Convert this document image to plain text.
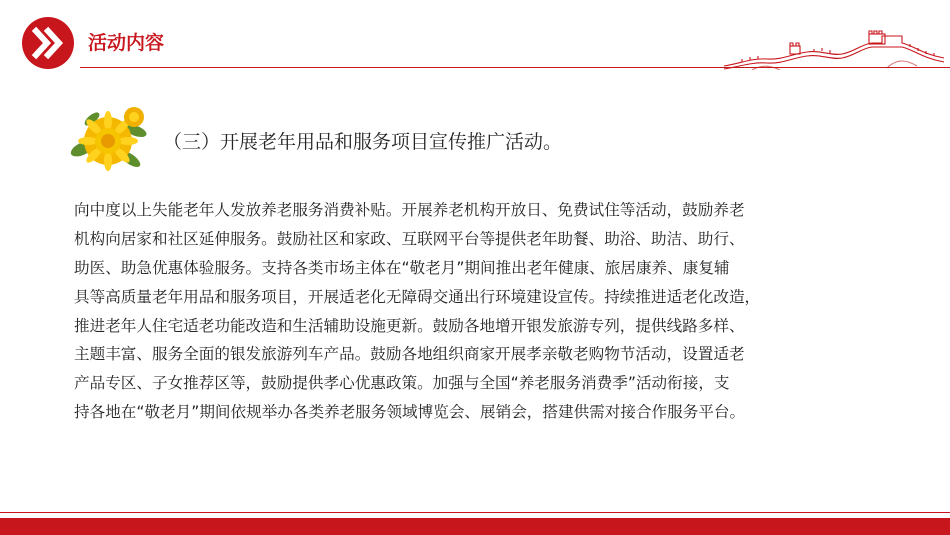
活动内容
（三）开展老年用品和服务项目宣传推广活动。
向中度以上失能老年人发放养老服务消费补贴。开展养老机构开放日、免费试住等活动，鼓励养老
机构向居家和社区延伸服务。鼓励社区和家政、互联网平台等提供老年助餐、助浴、助洁、助行、
助医、助急优惠体验服务。支持各类市场主体在“敬老月”期间推出老年健康、旅居康养、康复辅
具等高质量老年用品和服务项目，开展适老化无障碍交通出行环境建设宣传。持续推进适老化改造，
推进老年人住宅适老功能改造和生活辅助设施更新。鼓励各地增开银发旅游专列，提供线路多样、
主题丰富、服务全面的银发旅游列车产品。鼓励各地组织商家开展孝亲敬老购物节活动，设置适老
产品专区、子女推荐区等，鼓励提供孝心优惠政策。加强与全国“养老服务消费季”活动衔接，支
持各地在“敬老月”期间依规举办各类养老服务领域博览会、展销会，搭建供需对接合作服务平台。
